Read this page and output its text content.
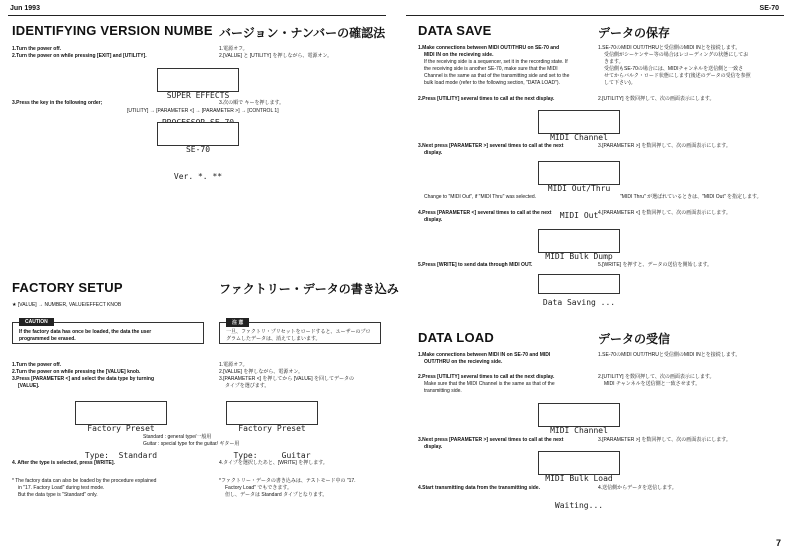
Jun 1993	SE-70
IDENTIFYING VERSION NUMBE バージョン・ナンバーの確認法
1.Turn the power off.
2.Turn the power on while pressing [EXIT] and [UTILITY].
1.電源オフ。
2.[VALUE] と [UTILITY] を押しながら、電源オン。

SUPER EFFECTS

3.Press the key in the following order;	3.次の順で キーを押します。
[UTILITY] → [PARAMETER <] → [PARAMETER >] → [CONTROL 1]

SE-70

Ver. *. **

FACTORY SETUP	ファクトリー・データの書き込み
★ [VALUE] → NUMBER, VALUE/EFFECT KNOB
CAUTION
If the factory data has once be loaded, the data the user
programmed be erased.
注 意
一旦、ファクトリ・プリセットをロードすると、ユーザーのプロ
グラムしたデータは、消えてしまいます。
1.Turn the power off.
2.Turn the power on while pressing the [VALUE] knob.
3.Press [PARAMETER <] and select the data type by turning
[VALUE].
1.電源オフ。
2.[VALUE] を押しながら、電源オン。
3.[PARAMETER <] を押してから [VALUE] を回してデータの
タイプを選びます。

Factory Preset

Type:  Standard

Factory Preset

Type:     Guitar

Standard : general type/一般用
Guitar : special type for the guitar/ ギター用
4. After the type is selected, press [WRITE].	4.タイプを選択したあと、[WRITE] を押します。
* The factory data can also be loaded by the procedure explained
in "17. Factory Load" during test mode.
But the data type is "Standard" only.
*ファクトリー・データの書き込みは、テストモード中の "17.
Factory Load" でもできます。
但し、データは Standard タイプとなります。
DATA SAVE	データの保存
1.Make connections between MIDI OUT/THRU on SE-70 and
MIDI IN on the recieving side.
If the receiving side is a sequencer, set it in the recording state. If
the receiving side is another SE-70, make sure that the MIDI
Channel is the same as that of the transmitting side and set to the
bulk load mode (refer to the following section, "DATA LOAD").
1.SE-70のMIDI OUT/THRUと受信側のMIDI INとを接続します。
受信側がシーケンサー等の場合はレコーディングの状態にしてお
きます。
受信側もSE-70の場合には、MIDIチャンネルを送信側と一致さ
せてからバルク・ロード状態にします(後述のデータの受信を参照
して下さい)。
2.Press [UTILITY] several times to call at the next display.	2.[UTILITY] を数回押して、次の画面表示にします。

MIDI Channel

3.Next press [PARAMETER >] several times to call at the next
display.
3.[PARAMETER >] を数回押して、次の画面表示にします。

MIDI Out/Thru

MIDI Out

Change to "MIDI Out", if "MIDI Thru" was selected.	"MIDI Thru" が選ばれているときは、"MIDI Out" を指定します。
4.Press [PARAMETER <] several times to call at the next
display.
4.[PARAMETER <] を数回押して、次の画面表示にします。

MIDI Bulk Dump

5.Press [WRITE] to send data through MIDI OUT.	5.[WRITE] を押すと、データの送信を開始します。

Data Saving ...

DATA LOAD	データの受信
1.Make connections between MIDI IN on SE-70 and MIDI
OUT/THRU on the recieving side.
1.SE-70のMIDI OUT/THRUと受信側のMIDI INとを接続します。
2.Press [UTILITY] several times to call at the next display.
Make sure that the MIDI Channel is the same as that of the
transmitting side.
2.[UTILITY] を数回押して、次の画面表示にします。
MIDI チャンネルを送信側と一致させます。

MIDI Channel

3.Next press [PARAMETER >] several times to call at the next
display.
3.[PARAMETER >] を数回押して、次の画面表示にします。

MIDI Bulk Load

Waiting...

4.Start transmitting data from the transmitting side.	4.送信側からデータを送信します。
7
